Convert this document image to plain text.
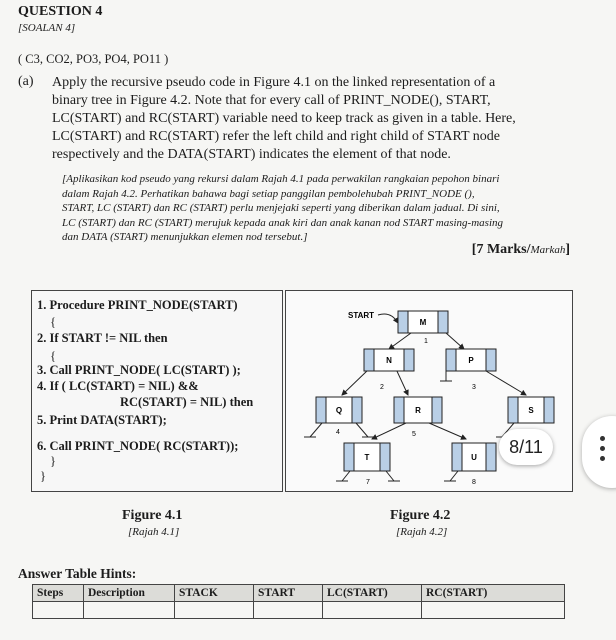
QUESTION 4
[SOALAN 4]
( C3, CO2, PO3, PO4, PO11 )
(a) Apply the recursive pseudo code in Figure 4.1 on the linked representation of a
binary tree in Figure 4.2. Note that for every call of PRINT_NODE(), START,
LC(START) and RC(START) variable need to keep track as given in a table. Here,
LC(START) and RC(START) refer the left child and right child of START node
respectively and the DATA(START) indicates the element of that node.
[Aplikasikan kod pseudo yang rekursi dalam Rajah 4.1 pada perwakilan rangkaian pepohon binari
dalam Rajah 4.2. Perhatikan bahawa bagi setiap panggilan pembolehubah PRINT_NODE (),
START, LC (START) dan RC (START) perlu menjejaki seperti yang diberikan dalam jadual. Di sini,
LC (START) dan RC (START) merujuk kepada anak kiri dan anak kanan nod START masing-masing
dan DATA (START) menunjukkan elemen nod tersebut.]
[7 Marks/Markah]
1. Procedure PRINT_NODE(START)
{
2. If START != NIL then
{
3. Call PRINT_NODE( LC(START) );
4. If ( LC(START) = NIL) &&
RC(START) = NIL) then
5. Print DATA(START);
6. Call PRINT_NODE( RC(START));
}
}
START
M
N	P
Q	R	S
T	U
1
2	3
4	5
7	8
Figure 4.1
[Rajah 4.1]
Figure 4.2
[Rajah 4.2]
Answer Table Hints:
Steps	Description	STACK	START	LC(START)	RC(START)

8/11
